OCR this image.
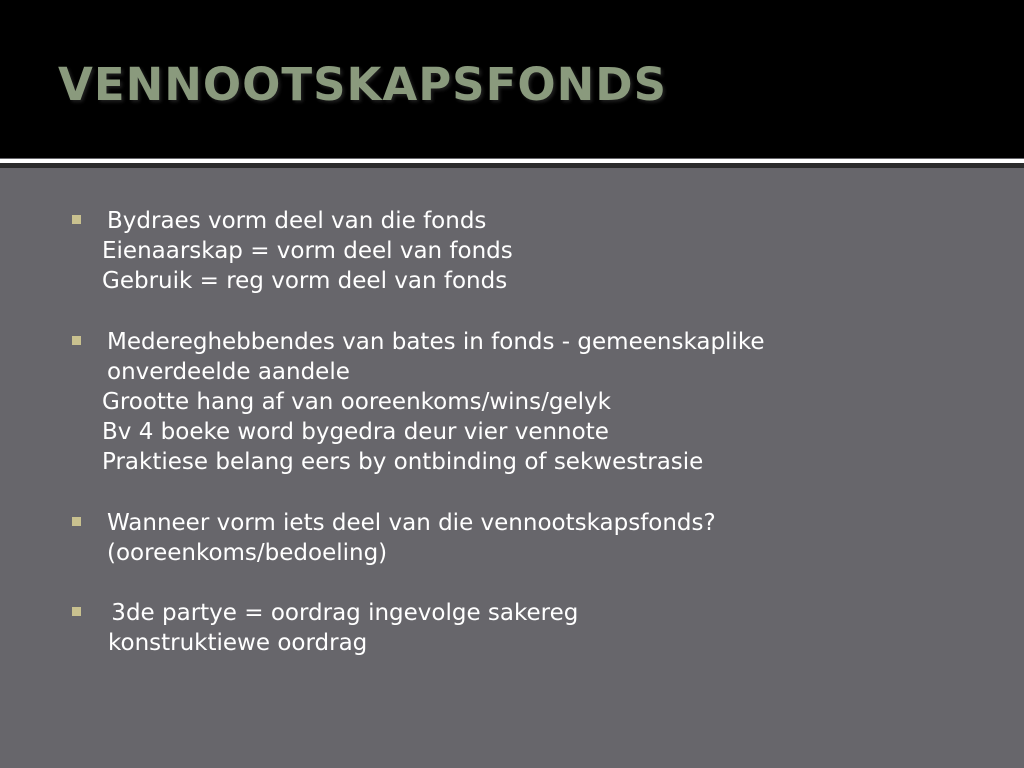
VENNOOTSKAPSFONDS
Bydraes vorm deel van die fonds
Eienaarskap = vorm deel van fonds
Gebruik = reg vorm deel van fonds
Medereghebbendes van bates in fonds - gemeenskaplike
onverdeelde aandele
Grootte hang af van ooreenkoms/wins/gelyk
Bv 4 boeke word bygedra deur vier vennote
Praktiese belang eers by ontbinding of sekwestrasie
Wanneer vorm iets deel van die vennootskapsfonds?
(ooreenkoms/bedoeling)
3de partye = oordrag ingevolge sakereg
konstruktiewe oordrag
